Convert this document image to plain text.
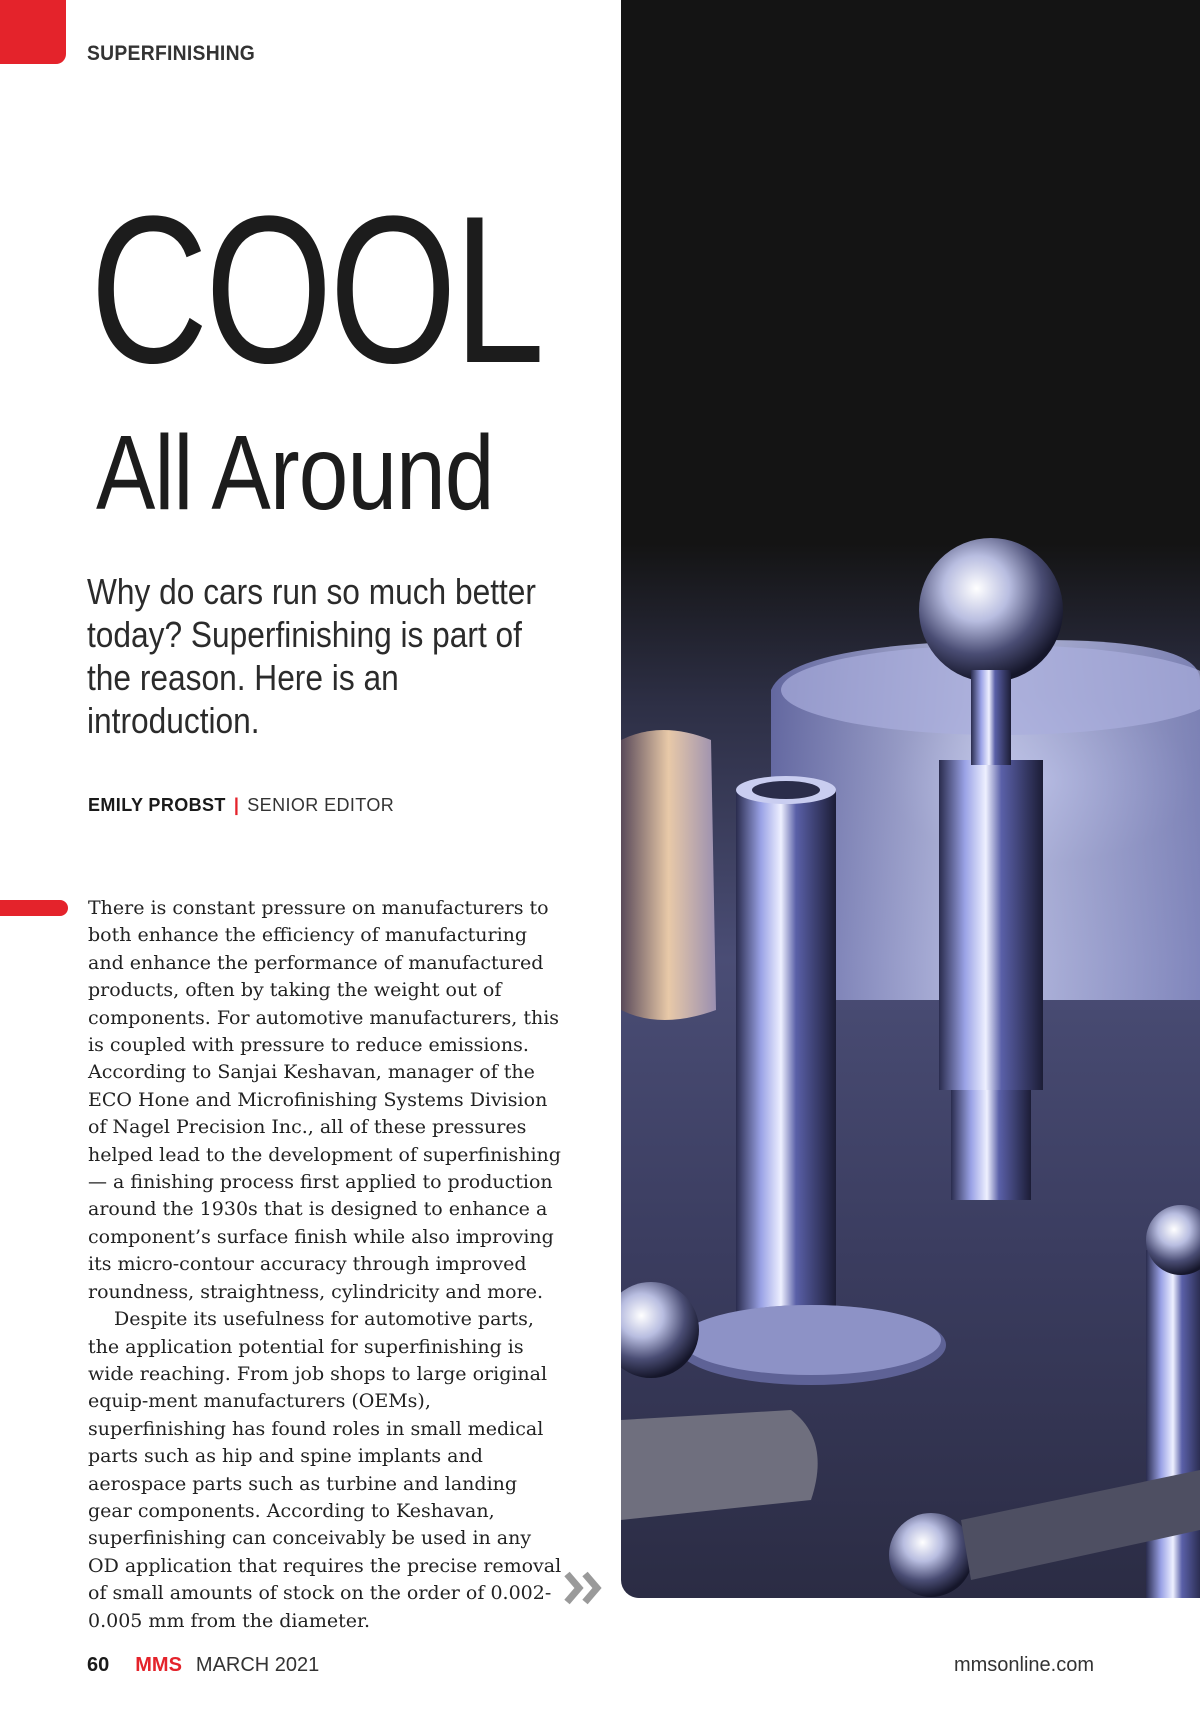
SUPERFINISHING
COOL
All Around
Why do cars run so much better today? Superfinishing is part of the reason. Here is an introduction.
EMILY PROBST | SENIOR EDITOR

There is constant pressure on manufacturers to both enhance the efficiency of manufacturing and enhance the performance of manufactured products, often by taking the weight out of components. For automotive manufacturers, this is coupled with pressure to reduce emissions. According to Sanjai Keshavan, manager of the ECO Hone and Microfinishing Systems Division of Nagel Precision Inc., all of these pressures helped lead to the development of superfinishing — a finishing process first applied to production around the 1930s that is designed to enhance a component’s surface finish while also improving its micro-contour accuracy through improved roundness, straightness, cylindricity and more.

Despite its usefulness for automotive parts, the application potential for superfinishing is wide reaching. From job shops to large original equip-ment manufacturers (OEMs), superfinishing has found roles in small medical parts such as hip and spine implants and aerospace parts such as turbine and landing gear components. According to Keshavan, superfinishing can conceivably be used in any OD application that requires the precise removal of small amounts of stock on the order of 0.002-0.005 mm from the diameter.

60 MMS MARCH 2021	mmsonline.com
